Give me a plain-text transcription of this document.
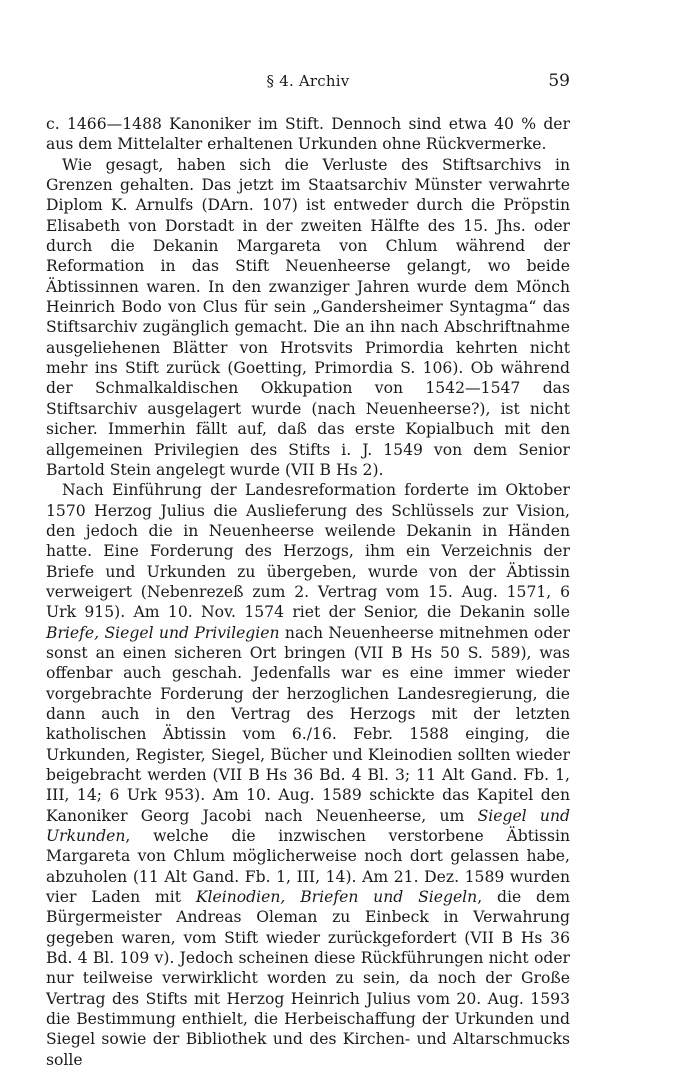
§ 4. Archiv	59

c. 1466—1488 Kanoniker im Stift. Dennoch sind etwa 40 % der aus dem Mittelalter erhaltenen Urkunden ohne Rückvermerke.

Wie gesagt, haben sich die Verluste des Stiftsarchivs in Grenzen gehalten. Das jetzt im Staatsarchiv Münster verwahrte Diplom K. Arnulfs (DArn. 107) ist entweder durch die Pröpstin Elisabeth von Dorstadt in der zweiten Hälfte des 15. Jhs. oder durch die Dekanin Margareta von Chlum während der Reformation in das Stift Neuenheerse gelangt, wo beide Äbtissinnen waren. In den zwanziger Jahren wurde dem Mönch Heinrich Bodo von Clus für sein „Gandersheimer Syntagma“ das Stiftsarchiv zugänglich gemacht. Die an ihn nach Abschriftnahme ausgeliehenen Blätter von Hrotsvits Primordia kehrten nicht mehr ins Stift zurück (Goetting, Primordia S. 106). Ob während der Schmalkaldischen Okkupation von 1542—1547 das Stiftsarchiv ausgelagert wurde (nach Neuenheerse?), ist nicht sicher. Immerhin fällt auf, daß das erste Kopialbuch mit den allgemeinen Privilegien des Stifts i. J. 1549 von dem Senior Bartold Stein angelegt wurde (VII B Hs 2).

Nach Einführung der Landesreformation forderte im Oktober 1570 Herzog Julius die Auslieferung des Schlüssels zur Vision, den jedoch die in Neuenheerse weilende Dekanin in Händen hatte. Eine Forderung des Herzogs, ihm ein Verzeichnis der Briefe und Urkunden zu übergeben, wurde von der Äbtissin verweigert (Nebenrezeß zum 2. Vertrag vom 15. Aug. 1571, 6 Urk 915). Am 10. Nov. 1574 riet der Senior, die Dekanin solle Briefe, Siegel und Privilegien nach Neuenheerse mitnehmen oder sonst an einen sicheren Ort bringen (VII B Hs 50 S. 589), was offenbar auch geschah. Jedenfalls war es eine immer wieder vorgebrachte Forderung der herzoglichen Landesregierung, die dann auch in den Vertrag des Herzogs mit der letzten katholischen Äbtissin vom 6./16. Febr. 1588 einging, die Urkunden, Register, Siegel, Bücher und Kleinodien sollten wieder beigebracht werden (VII B Hs 36 Bd. 4 Bl. 3; 11 Alt Gand. Fb. 1, III, 14; 6 Urk 953). Am 10. Aug. 1589 schickte das Kapitel den Kanoniker Georg Jacobi nach Neuenheerse, um Siegel und Urkunden, welche die inzwischen verstorbene Äbtissin Margareta von Chlum möglicherweise noch dort gelassen habe, abzuholen (11 Alt Gand. Fb. 1, III, 14). Am 21. Dez. 1589 wurden vier Laden mit Kleinodien, Briefen und Siegeln, die dem Bürgermeister Andreas Oleman zu Einbeck in Verwahrung gegeben waren, vom Stift wieder zurückgefordert (VII B Hs 36 Bd. 4 Bl. 109 v). Jedoch scheinen diese Rückführungen nicht oder nur teilweise verwirklicht worden zu sein, da noch der Große Vertrag des Stifts mit Herzog Heinrich Julius vom 20. Aug. 1593 die Bestimmung enthielt, die Herbeischaffung der Urkunden und Siegel sowie der Bibliothek und des Kirchen- und Altarschmucks solle
